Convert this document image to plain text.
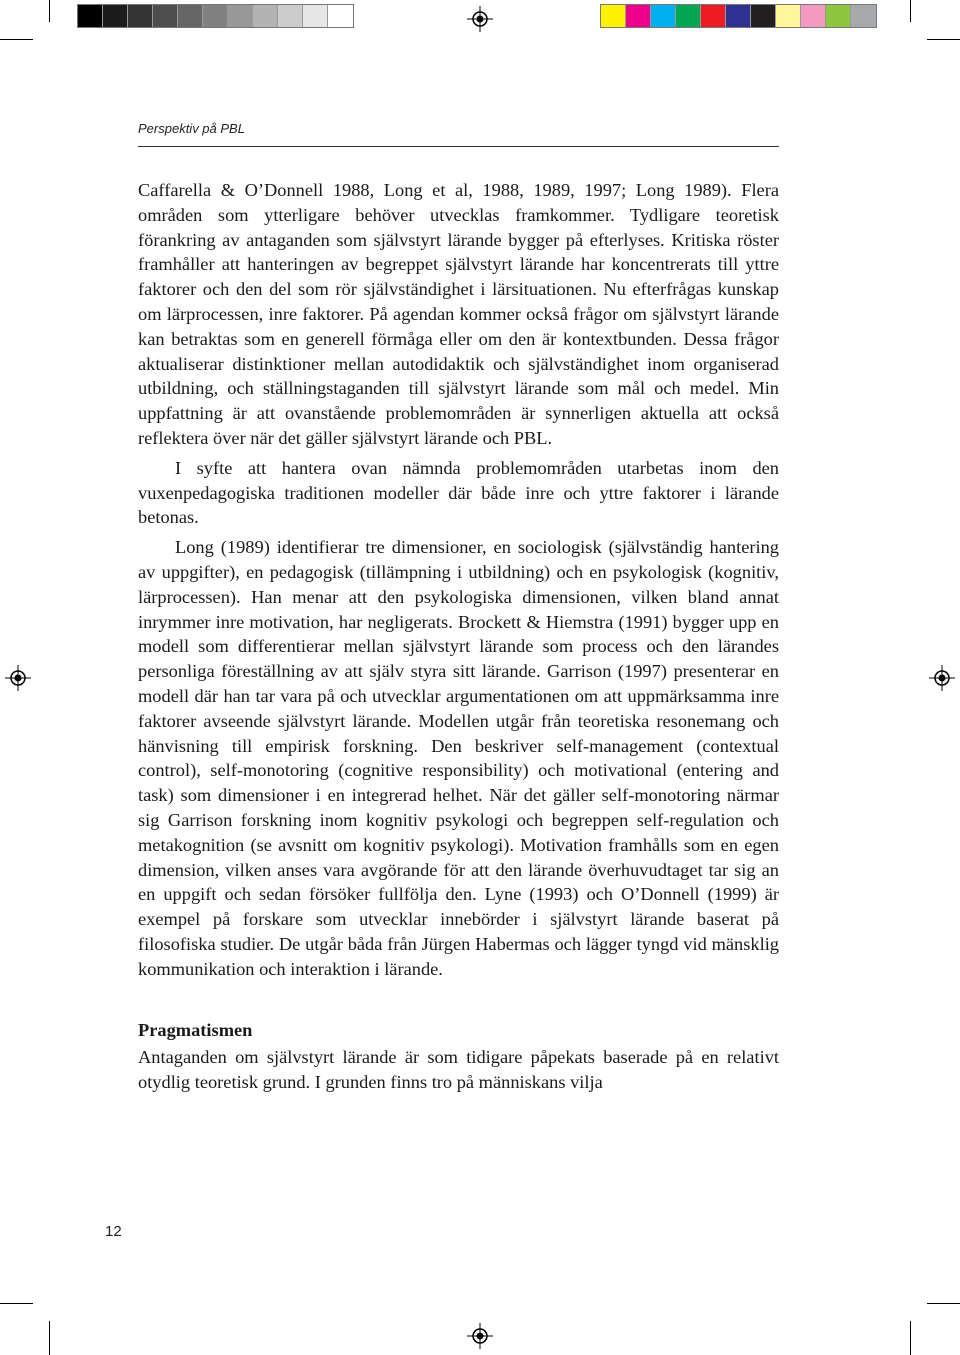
Perspektiv på PBL

Caffarella & O’Donnell 1988, Long et al, 1988, 1989, 1997; Long 1989). Flera områden som ytterligare behöver utvecklas framkommer. Tydligare teoretisk förankring av antaganden som självstyrt lärande bygger på efterlyses. Kritiska röster framhåller att hanteringen av begreppet självstyrt lärande har koncentrerats till yttre faktorer och den del som rör självständighet i lärsituationen. Nu efterfrågas kunskap om lärprocessen, inre faktorer. På agendan kommer också frågor om självstyrt lärande kan betraktas som en generell förmåga eller om den är kontextbunden. Dessa frågor aktualiserar distinktioner mellan autodidaktik och självständighet inom organiserad utbildning, och ställningstaganden till självstyrt lärande som mål och medel. Min uppfattning är att ovanstående problemområden är synnerligen aktuella att också reflektera över när det gäller självstyrt lärande och PBL.

I syfte att hantera ovan nämnda problemområden utarbetas inom den vuxenpedagogiska traditionen modeller där både inre och yttre faktorer i lärande betonas.

Long (1989) identifierar tre dimensioner, en sociologisk (självständig hantering av uppgifter), en pedagogisk (tillämpning i utbildning) och en psykologisk (kognitiv, lärprocessen). Han menar att den psykologiska dimensionen, vilken bland annat inrymmer inre motivation, har negligerats. Brockett & Hiemstra (1991) bygger upp en modell som differentierar mellan självstyrt lärande som process och den lärandes personliga föreställning av att själv styra sitt lärande. Garrison (1997) presenterar en modell där han tar vara på och utvecklar argumentationen om att uppmärksamma inre faktorer avseende självstyrt lärande. Modellen utgår från teoretiska resonemang och hänvisning till empirisk forskning. Den beskriver self-management (contextual control), self-monotoring (cognitive responsibility) och motivational (entering and task) som dimensioner i en integrerad helhet. När det gäller self-monotoring närmar sig Garrison forskning inom kognitiv psykologi och begreppen self-regulation och metakognition (se avsnitt om kognitiv psykologi). Motivation framhålls som en egen dimension, vilken anses vara avgörande för att den lärande överhuvudtaget tar sig an en uppgift och sedan försöker fullfölja den. Lyne (1993) och O’Donnell (1999) är exempel på forskare som utvecklar innebörder i självstyrt lärande baserat på filosofiska studier. De utgår båda från Jürgen Habermas och lägger tyngd vid mänsklig kommunikation och interaktion i lärande.

Pragmatismen

Antaganden om självstyrt lärande är som tidigare påpekats baserade på en relativt otydlig teoretisk grund. I grunden finns tro på människans vilja

12
